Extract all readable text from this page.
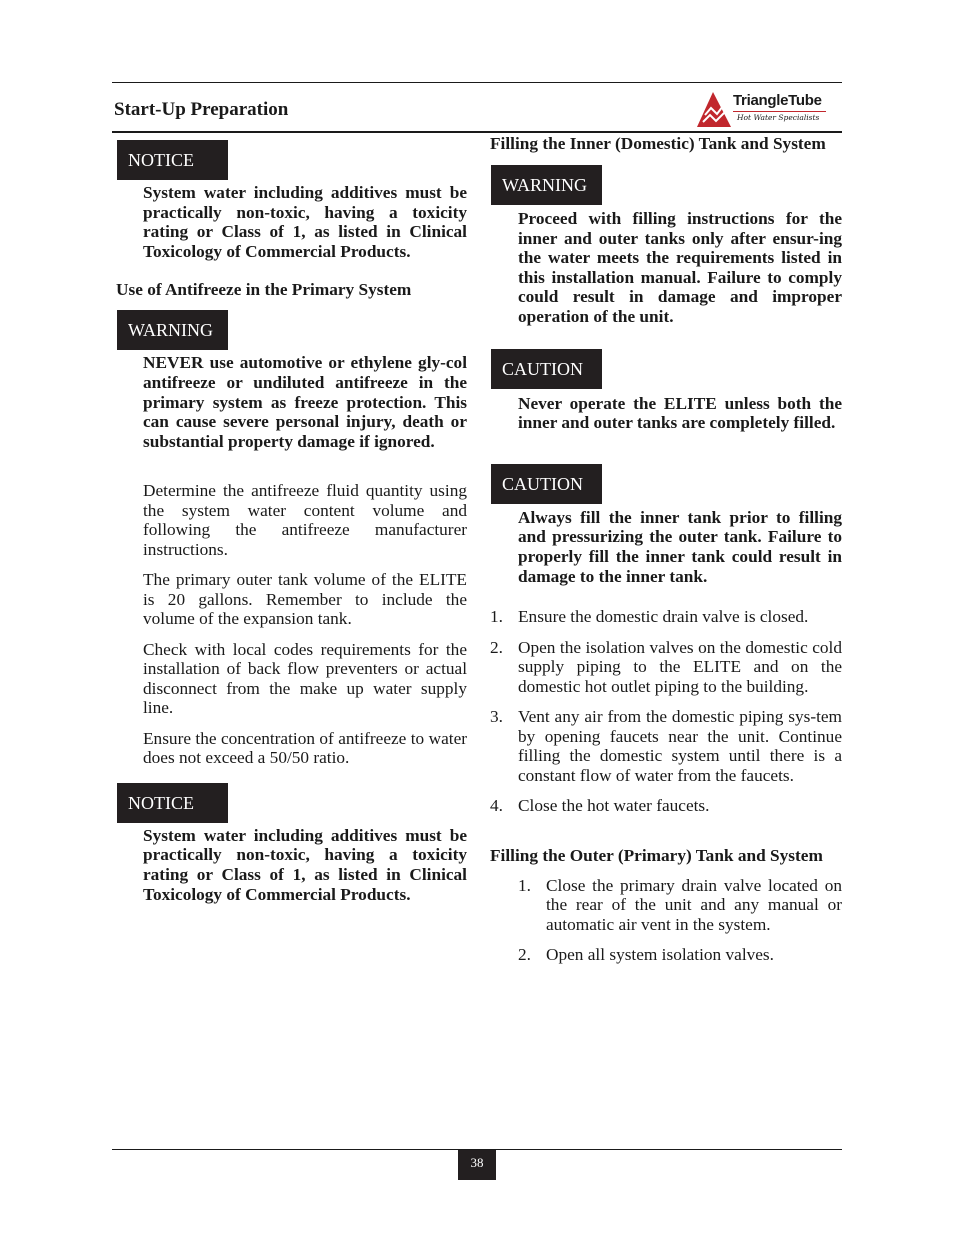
Start-Up Preparation	TriangleTube
Hot Water Specialists
NOTICE

System water including additives must be practically non-toxic, having a toxicity rating or Class of 1, as listed in Clinical Toxicology of Commercial Products.

Use of Antifreeze in the Primary System

WARNING

NEVER use automotive or ethylene gly-col antifreeze or undiluted antifreeze in the primary system as freeze protection. This can cause severe personal injury, death or substantial property damage if ignored.

Determine the antifreeze fluid quantity using the system water content volume and following the antifreeze manufacturer instructions.

The primary outer tank volume of the ELITE is 20 gallons. Remember to include the volume of the expansion tank.

Check with local codes requirements for the installation of back flow preventers or actual disconnect from the make up water supply line.

Ensure the concentration of antifreeze to water does not exceed a 50/50 ratio.

NOTICE

System water including additives must be practically non-toxic, having a toxicity rating or Class of 1, as listed in Clinical Toxicology of Commercial Products.

Filling the Inner (Domestic) Tank and System

WARNING

Proceed with filling instructions for the inner and outer tanks only after ensur-ing the water meets the requirements listed in this installation manual. Failure to comply could result in damage and improper operation of the unit.

CAUTION

Never operate the ELITE unless both the inner and outer tanks are completely filled.

CAUTION

Always fill the inner tank prior to filling and pressurizing the outer tank. Failure to properly fill the inner tank could result in damage to the inner tank.

1. Ensure the domestic drain valve is closed.
2. Open the isolation valves on the domestic cold supply piping to the ELITE and on the domestic hot outlet piping to the building.
3. Vent any air from the domestic piping sys-tem by opening faucets near the unit. Continue filling the domestic system until there is a constant flow of water from the faucets.
4. Close the hot water faucets.

Filling the Outer (Primary) Tank and System

1. Close the primary drain valve located on the rear of the unit and any manual or automatic air vent in the system.
2. Open all system isolation valves.
38
